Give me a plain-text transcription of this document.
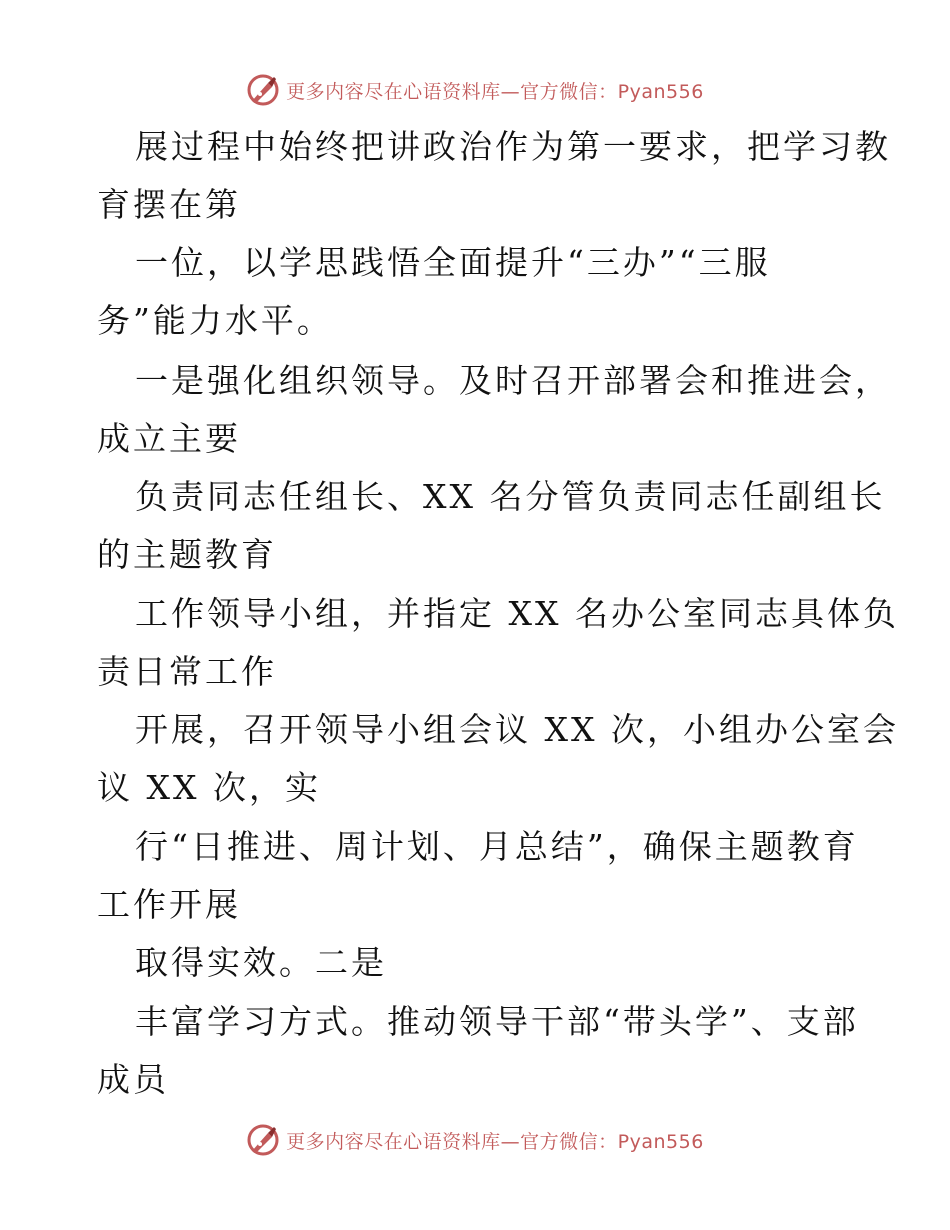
更多内容尽在心语资料库—官方微信：Pyan556
展过程中始终把讲政治作为第一要求，把学习教
育摆在第
一位，以学思践悟全面提升“三办”“三服
务”能力水平。
一是强化组织领导。及时召开部署会和推进会，
成立主要
负责同志任组长、XX 名分管负责同志任副组长
的主题教育
工作领导小组，并指定 XX 名办公室同志具体负
责日常工作
开展，召开领导小组会议 XX 次，小组办公室会
议 XX 次，实
行“日推进、周计划、月总结”，确保主题教育
工作开展
取得实效。二是
丰富学习方式。推动领导干部“带头学”、支部
成员
更多内容尽在心语资料库—官方微信：Pyan556
